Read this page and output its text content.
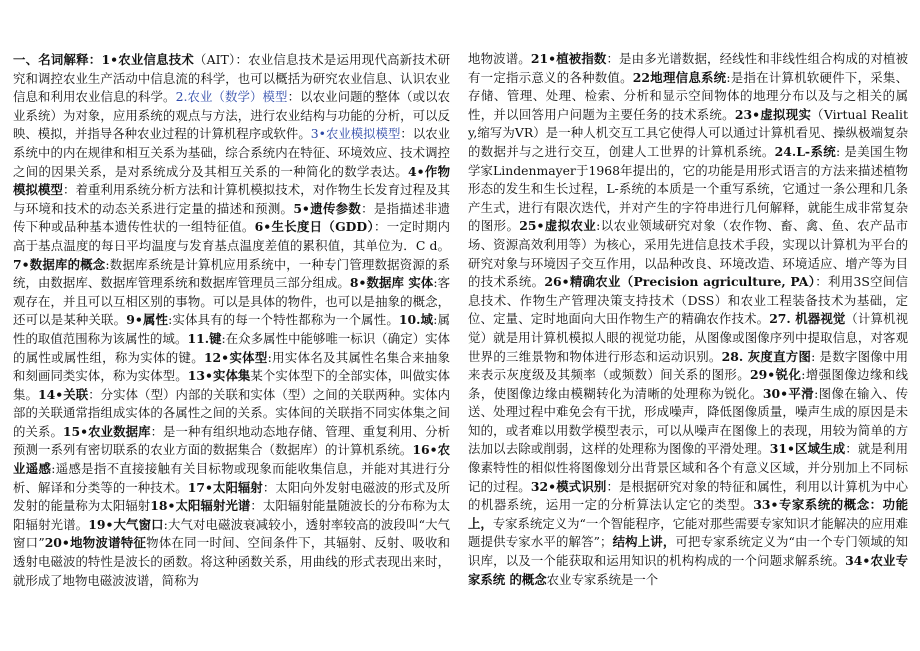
一、名词解释：1•农业信息技术（AIT）：农业信息技术是运用现代高新技术研究和调控农业生产活动中信息流的科学，也可以概括为研究农业信息、认识农业信息和利用农业信息的科学。2.农业（数学）模型：以农业问题的整体（或以农业系统）为对象，应用系统的观点与方法，进行农业结构与功能的分析，可以反映、模拟，并指导各种农业过程的计算机程序或软件。3•农业模拟模型：以农业系统中的内在规律和相互关系为基础，综合系统内在特征、环境效应、技术调控之间的因果关系，是对系统成分及其相互关系的一种简化的数学表达。4•作物模拟模型：着重利用系统分析方法和计算机模拟技术，对作物生长发育过程及其与环境和技术的动态关系进行定量的描述和预测。5•遗传参数：是指描述非遗传下种或品种基本遗传性状的一组特征值。6•生长度日（GDD）：一定时期内高于基点温度的每日平均温度与发育基点温度差值的累积值，其单位为．C d。7•数据库的概念:数据库系统是计算机应用系统中，一种专门管理数据资源的系统，由数据库、数据库管理系统和数据库管理员三部分组成。8•数据库 实体:客观存在，并且可以互相区别的事物。可以是具体的物件，也可以是抽象的概念，还可以是某种关联。9•属性:实体具有的每一个特性都称为一个属性。10.域:属性的取值范围称为该属性的域。11.键:在众多属性中能够唯一标识（确定）实体的属性或属性组，称为实体的键。12•实体型:用实体名及其属性名集合来抽象和刻画同类实体，称为实体型。13•实体集某个实体型下的全部实体，叫做实体集。14•关联：分实体（型）内部的关联和实体（型）之间的关联两种。实体内部的关联通常指组成实体的各属性之间的关系。实体间的关联指不同实体集之间的关系。15•农业数据库：是一种有组织地动态地存储、管理、重复利用、分析预测一系列有密切联系的农业方面的数据集合（数据库）的计算机系统。16•农业遥感:遥感是指不直接接触有关目标物或现象而能收集信息，并能对其进行分析、解译和分类等的一种技术。17•太阳辐射：太阳向外发射电磁波的形式及所发射的能量称为太阳辐射18•太阳辐射光谱：太阳辐射能量随波长的分布称为太阳辐射光谱。19•大气窗口:大气对电磁波衰减较小，透射率较高的波段叫“大气窗口”20•地物波谱特征物体在同一时间、空间条件下，其辐射、反射、吸收和透射电磁波的特性是波长的函数。将这种函数关系，用曲线的形式表现出来时，就形成了地物电磁波波谱，简称为

地物波谱。21•植被指数：是由多光谱数据，经线性和非线性组合构成的对植被有一定指示意义的各种数值。22地理信息系统:是指在计算机软硬件下，采集、存储、管理、处理、检索、分析和显示空间物体的地理分布以及与之相关的属性，并以回答用户问题为主要任务的技术系统。23•虚拟现实（Virtual Reality,缩写为VR）是一种人机交互工具它使得人可以通过计算机看见、操纵极端复杂的数据并与之进行交互，创建人工世界的计算机系统。24.L-系统: 是美国生物学家Lindenmayer于1968年提出的，它的功能是用形式语言的方法来描述植物形态的发生和生长过程，L-系统的本质是一个重写系统，它通过一条公理和几条产生式，进行有限次迭代，并对产生的字符串进行几何解释，就能生成非常复杂的图形。25•虚拟农业:以农业领域研究对象（农作物、畜、禽、鱼、农产品市场、资源高效利用等）为核心，采用先进信息技术手段，实现以计算机为平台的研究对象与环境因子交互作用，以品种改良、环境改造、环境适应、增产等为目的技术系统。26•精确农业（Precision agriculture, PA）：利用3S空间信息技术、作物生产管理决策支持技术（DSS）和农业工程装备技术为基础，定位、定量、定时地面向大田作物生产的精确农作技术。27. 机器视觉（计算机视觉）就是用计算机模拟人眼的视觉功能，从图像或图像序列中提取信息，对客观世界的三维景物和物体进行形态和运动识别。28. 灰度直方图: 是数字图像中用来表示灰度级及其频率（或频数）间关系的图形。29•锐化:增强图像边缘和线条，使图像边缘由模糊转化为清晰的处理称为锐化。30•平滑:图像在输入、传送、处理过程中难免会有干扰，形成噪声，降低图像质量，噪声生成的原因是未知的，或者难以用数学模型表示，可以从噪声在图像上的表现，用较为简单的方法加以去除或削弱，这样的处理称为图像的平滑处理。31•区域生成：就是利用像素特性的相似性将图像划分出背景区域和各个有意义区域，并分别加上不同标记的过程。32•模式识别：是根据研究对象的特征和属性，利用以计算机为中心的机器系统，运用一定的分析算法认定它的类型。33•专家系统的概念：功能上，专家系统定义为“一个智能程序，它能对那些需要专家知识才能解决的应用难题提供专家水平的解答”；结构上讲，可把专家系统定义为“由一个专门领域的知识库，以及一个能获取和运用知识的机构构成的一个问题求解系统。34•农业专家系统 的概念农业专家系统是一个
